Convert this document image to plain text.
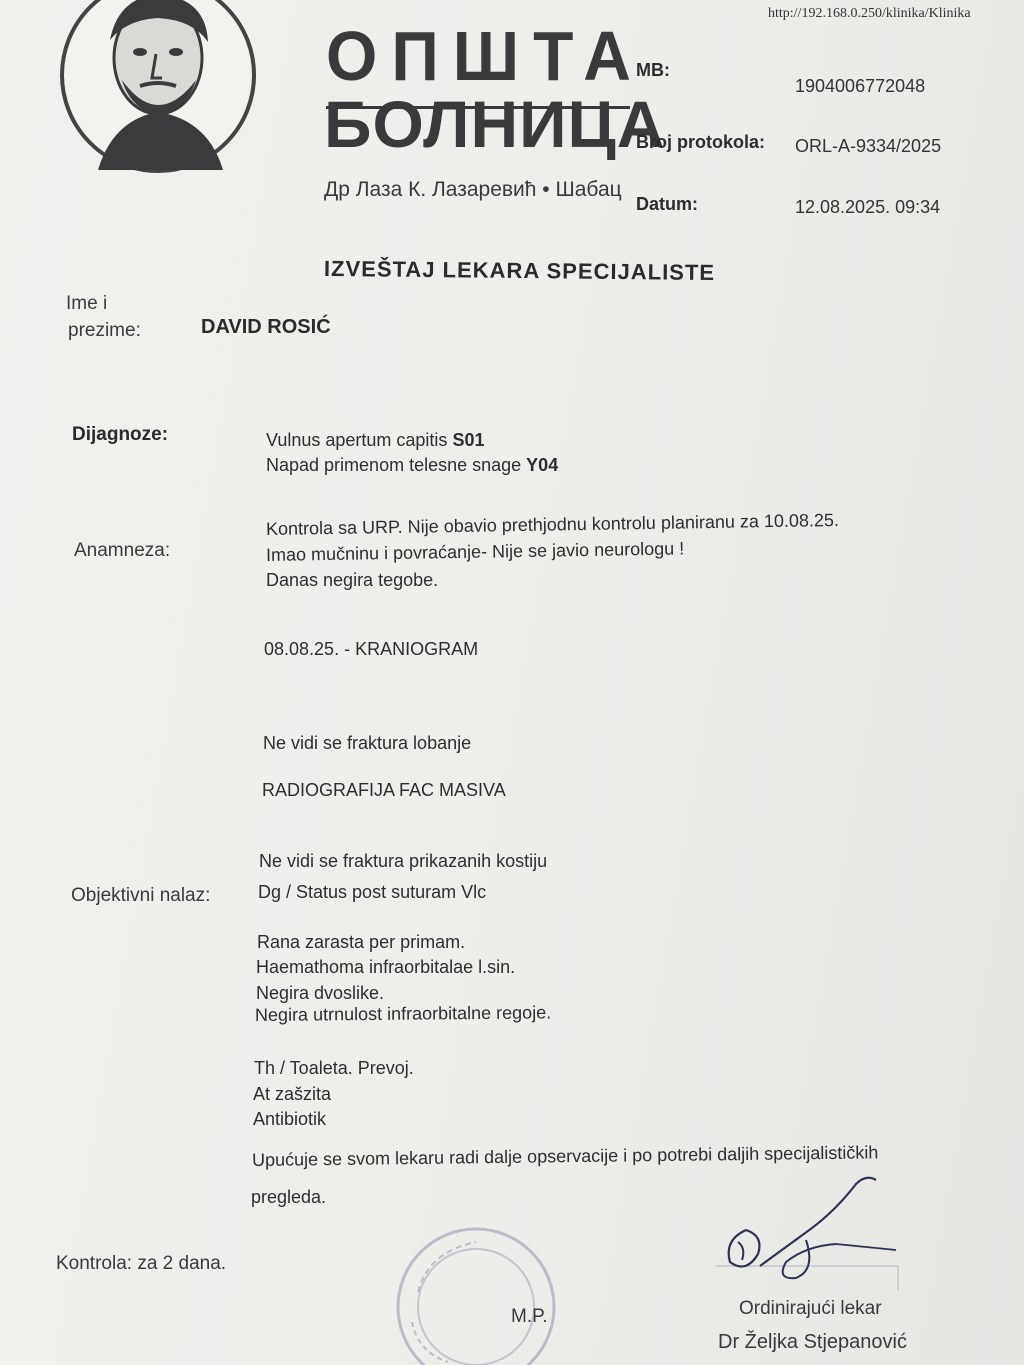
http://192.168.0.250/klinika/Klinika
ОПШТА
БОЛНИЦА
Др Лаза К. Лазаревић • Шабац
MB:
1904006772048
Broj protokola: ORL-A-9334/2025
Datum:	12.08.2025. 09:34
IZVEŠTAJ LEKARA SPECIJALISTE
Ime i
prezime:	DAVID ROSIĆ
Dijagnoze:	Vulnus apertum capitis S01
Napad primenom telesne snage Y04
Anamneza:
Kontrola sa URP. Nije obavio prethjodnu kontrolu planiranu za 10.08.25.
Imao mučninu i povraćanje- Nije se javio neurologu !
Danas negira tegobe.
08.08.25. - KRANIOGRAM
Ne vidi se fraktura lobanje
RADIOGRAFIJA FAC MASIVA
Ne vidi se fraktura prikazanih kostiju
Objektivni nalaz:	Dg / Status post suturam Vlc
Rana zarasta per primam.
Haemathoma infraorbitalae l.sin.
Negira dvoslike.
Negira utrnulost infraorbitalne regoje.
Th / Toaleta. Prevoj.
At zašzita
Antibiotik
Upućuje se svom lekaru radi dalje opservacije i po potrebi daljih specijalističkih
pregleda.
Kontrola: za 2 dana.
M.P.	Ordinirajući lekar
Dr Željka Stjepanović
